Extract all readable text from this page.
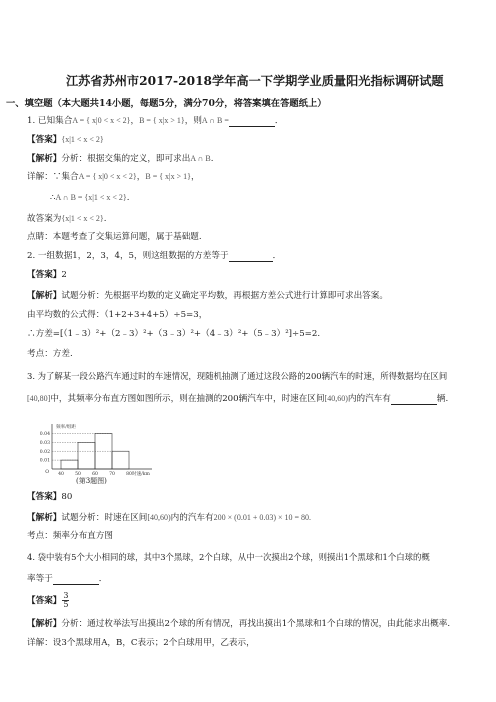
江苏省苏州市2017-2018学年高一下学期学业质量阳光指标调研试题
一、填空题（本大题共14小题，每题5分，满分70分，将答案填在答题纸上）
1. 已知集合A = { x|0 < x < 2}，B = { x|x > 1}，则A ∩ B =	．
【答案】{x|1 < x < 2}
【解析】分析：根据交集的定义，即可求出A ∩ B.
详解：∵集合A = { x|0 < x < 2}，B = { x|x > 1}，
∴A ∩ B = {x|1 < x < 2}.
故答案为{x|1 < x < 2}.
点睛：本题考查了交集运算问题，属于基础题.
2. 一组数据1，2，3，4，5，则这组数据的方差等于	．
【答案】2
【解析】试题分析：先根据平均数的定义确定平均数，再根据方差公式进行计算即可求出答案。
由平均数的公式得：（1+2+3+4+5）÷5=3，
∴方差=[（1﹣3）²+（2﹣3）²+（3﹣3）²+（4﹣3）²+（5﹣3）²]÷5=2.
考点：方差.
3. 为了解某一段公路汽车通过时的车速情况，现随机抽测了通过这段公路的200辆汽车的时速，所得数据均在区间
[40,80]中，其频率分布直方图如图所示，则在抽测的200辆汽车中，时速在区间[40,60)内的汽车有	辆.
频率/组距
0.04
0.03
0.02
0.01
40 50 60 70 80 时速/km
O
(第3题图)
【答案】80
【解析】试题分析：时速在区间[40,60)内的汽车有200 × (0.01 + 0.03) × 10 = 80.
考点：频率分布直方图
4. 袋中装有5个大小相同的球，其中3个黑球，2个白球，从中一次摸出2个球，则摸出1个黑球和1个白球的概
率等于	．
【答案】 $\frac{3}{5}$
【解析】分析：通过枚举法写出摸出2个球的所有情况，再找出摸出1个黑球和1个白球的情况，由此能求出概率.
详解：设3个黑球用A，B，C表示；2个白球用甲，乙表示，
